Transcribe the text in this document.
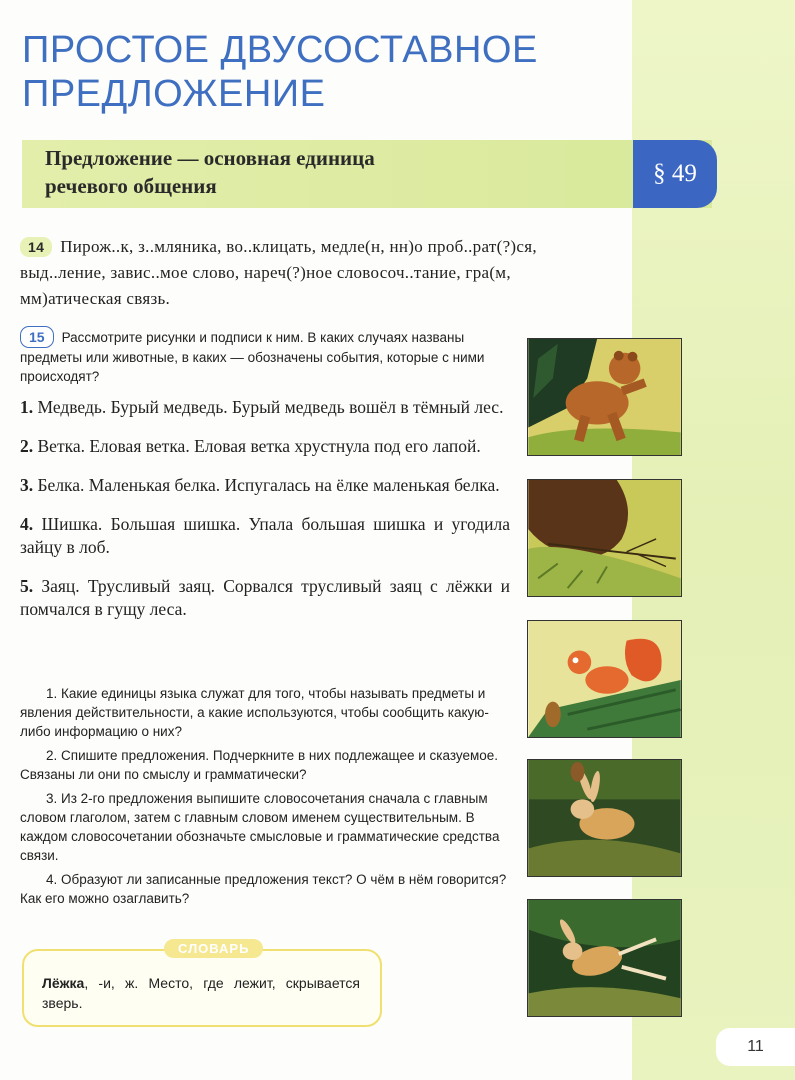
ПРОСТОЕ ДВУСОСТАВНОЕ
ПРЕДЛОЖЕНИЕ
Предложение — основная единица
речевого общения	§ 49

14 Пирож..к, з..мляника, во..клицать, медле(н, нн)о проб..рат(?)ся, выд..ление, завис..мое слово, нареч(?)ное словосоч..тание, гра(м, мм)атическая связь.

15 Рассмотрите рисунки и подписи к ним. В каких случаях названы предметы или животные, в каких — обозначены события, которые с ними происходят?

1. Медведь. Бурый медведь. Бурый медведь вошёл в тёмный лес.
2. Ветка. Еловая ветка. Еловая ветка хрустнула под его лапой.
3. Белка. Маленькая белка. Испугалась на ёлке маленькая белка.
4. Шишка. Большая шишка. Упала большая шишка и угодила зайцу в лоб.
5. Заяц. Трусливый заяц. Сорвался трусливый заяц с лёжки и помчался в гущу леса.
1. Какие единицы языка служат для того, чтобы называть предметы и явления действительности, а какие используются, чтобы сообщить какую-либо информацию о них?
2. Спишите предложения. Подчеркните в них подлежащее и сказуемое. Связаны ли они по смыслу и грамматически?
3. Из 2-го предложения выпишите словосочетания сначала с главным словом глаголом, затем с главным словом именем существительным. В каждом словосочетании обозначьте смысловые и грамматические средства связи.
4. Образуют ли записанные предложения текст? О чём в нём говорится? Как его можно озаглавить?
СЛОВАРЬ

Лёжка, -и, ж. Место, где лежит, скрывается зверь.

11
